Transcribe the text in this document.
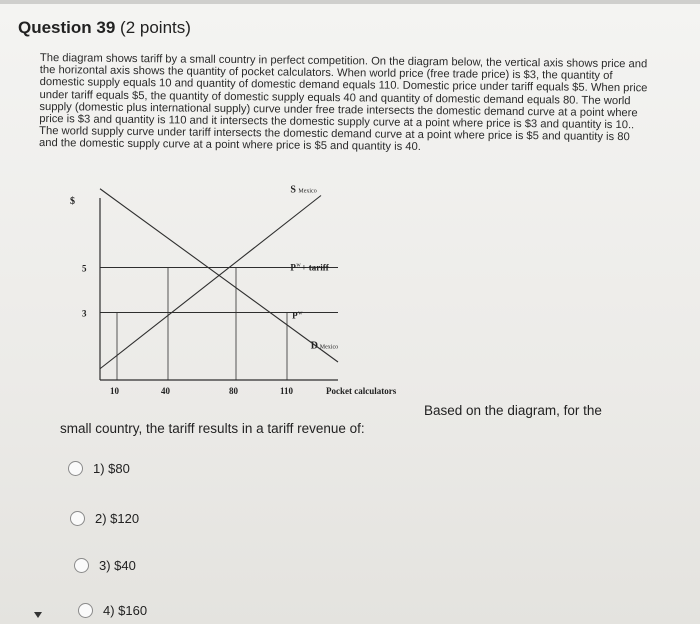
Question 39 (2 points)
The diagram shows tariff by a small country in perfect competition. On the diagram below, the vertical axis shows price and the horizontal axis shows the quantity of pocket calculators. When world price (free trade price) is $3, the quantity of domestic supply equals 10 and quantity of domestic demand equals 110. Domestic price under tariff equals $5. When price under tariff equals $5, the quantity of domestic supply equals 40 and quantity of domestic demand equals 80. The world supply (domestic plus international supply) curve under free trade intersects the domestic demand curve at a point where price is $3 and quantity is 110 and it intersects the domestic supply curve at a point where price is $3 and quantity is 10.. The world supply curve under tariff intersects the domestic demand curve at a point where price is $5 and quantity is 80 and the domestic supply curve at a point where price is $5 and quantity is 40.
$
5
3
10	40	80	110	Pocket calculators
S Mexico
D Mexico
P w + tariff
P w
Based on the diagram, for the
small country, the tariff results in a tariff revenue of:
1) $80
2) $120
3) $40
4) $160
